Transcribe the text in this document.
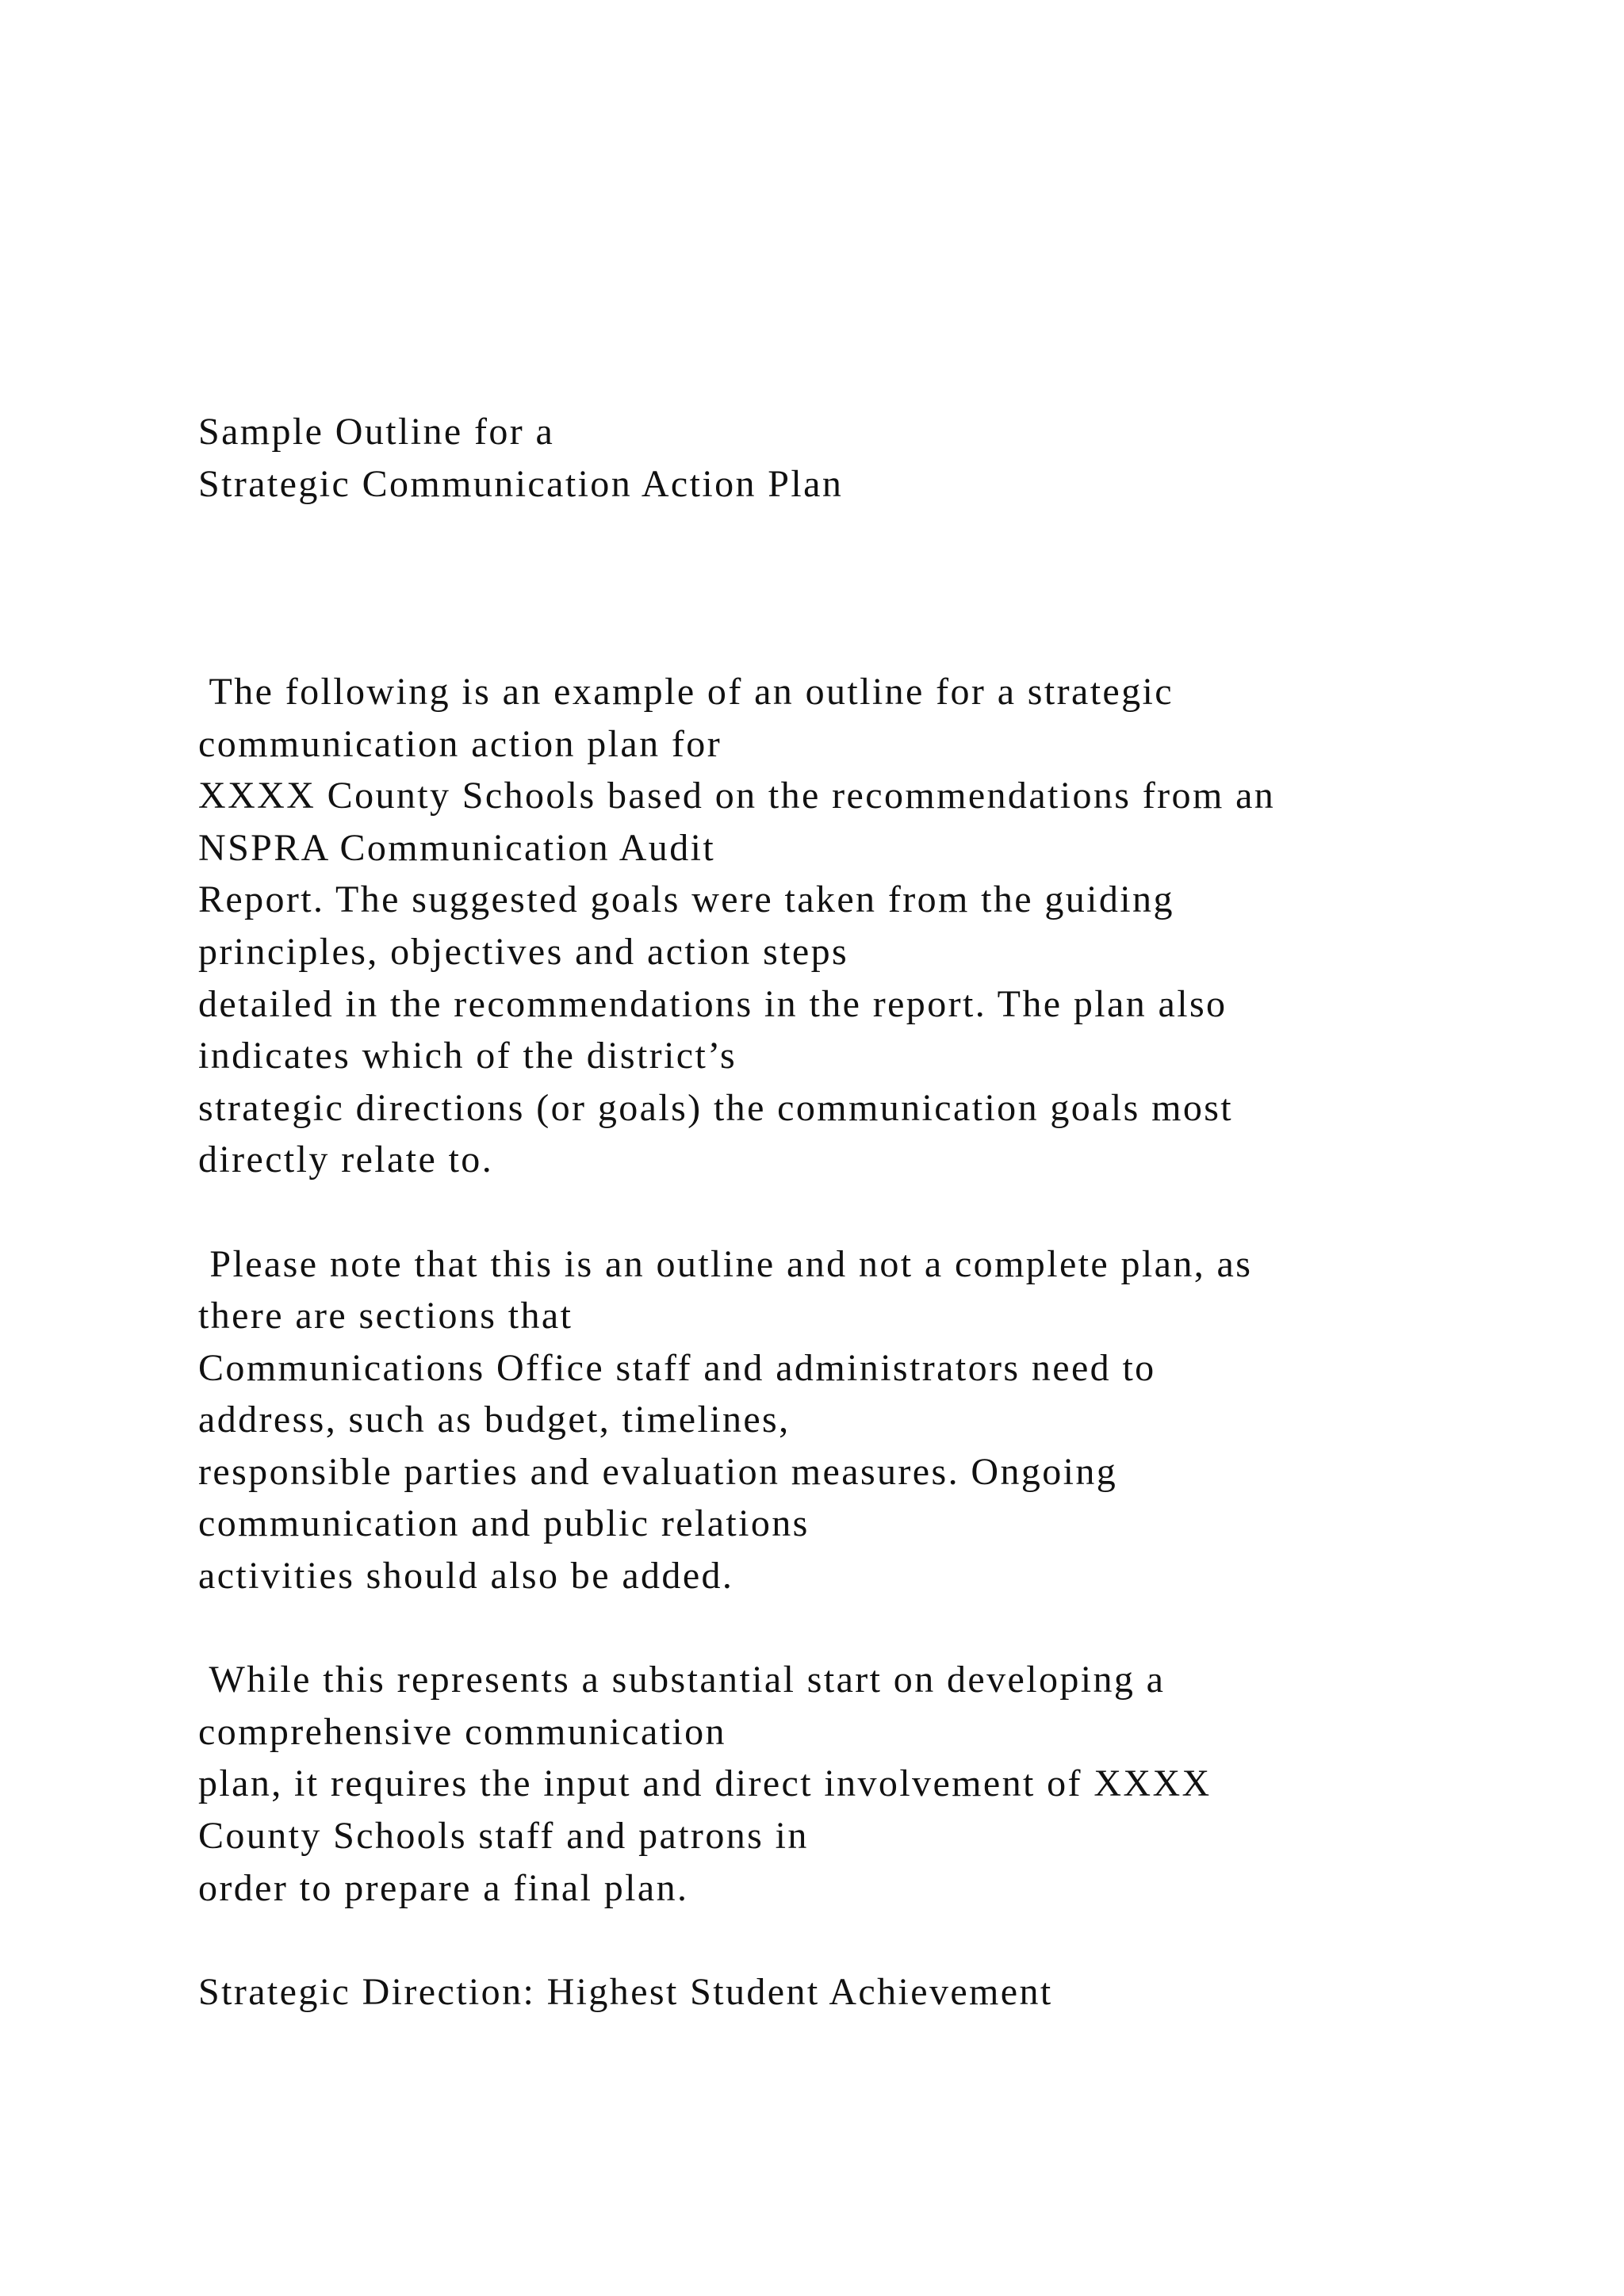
Sample Outline for a
Strategic Communication Action Plan
The following is an example of an outline for a strategic
communication action plan for
XXXX County Schools based on the recommendations from an
NSPRA Communication Audit
Report. The suggested goals were taken from the guiding
principles, objectives and action steps
detailed in the recommendations in the report. The plan also
indicates which of the district’s
strategic directions (or goals) the communication goals most
directly relate to.
Please note that this is an outline and not a complete plan, as
there are sections that
Communications Office staff and administrators need to
address, such as budget, timelines,
responsible parties and evaluation measures. Ongoing
communication and public relations
activities should also be added.
While this represents a substantial start on developing a
comprehensive communication
plan, it requires the input and direct involvement of XXXX
County Schools staff and patrons in
order to prepare a final plan.
Strategic Direction: Highest Student Achievement
